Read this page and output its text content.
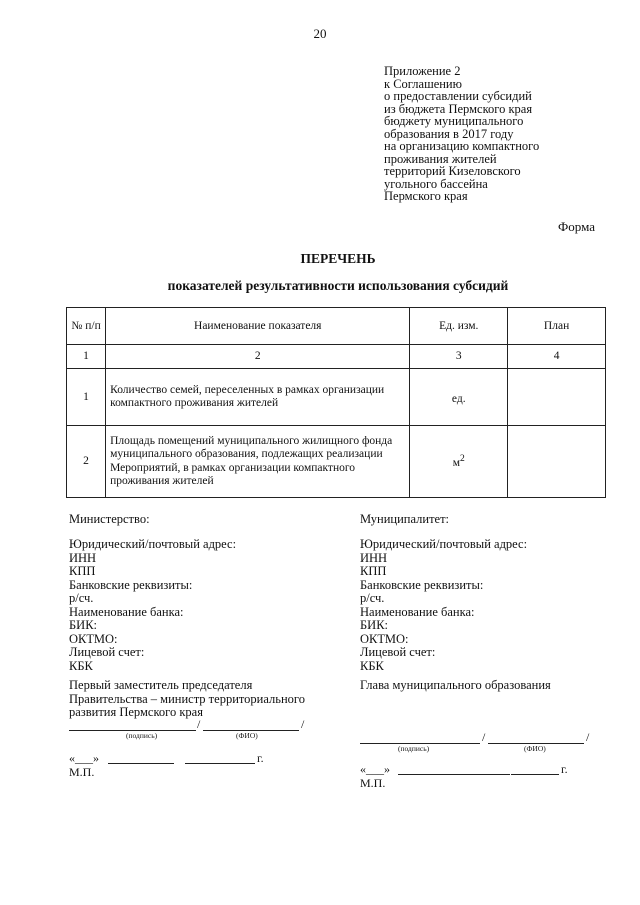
20
Приложение 2
к Соглашению
о предоставлении субсидий
из бюджета Пермского края
бюджету муниципального
образования в 2017 году
на организацию компактного
проживания жителей
территорий Кизеловского
угольного бассейна
Пермского края
Форма
ПЕРЕЧЕНЬ
показателей результативности использования субсидий
№ п/п	Наименование показателя	Ед. изм.	План
1	2	3	4
1	Количество семей, переселенных в рамках организации компактного проживания жителей	ед.	
2	Площадь помещений муниципального жилищного фонда муниципального образования, подлежащих реализации Мероприятий, в рамках организации компактного проживания жителей	$м^2$	
Министерство:
Юридический/почтовый адрес:
ИНН
КПП
Банковские реквизиты:
р/сч.
Наименование банка:
БИК:
ОКТМО:
Лицевой счет:
КБК
Первый заместитель председателя
Правительства – министр территориального
развития Пермского края
/	/
(подпись)	(ФИО)
«___»	г.
М.П.
Муниципалитет:
Юридический/почтовый адрес:
ИНН
КПП
Банковские реквизиты:
р/сч.
Наименование банка:
БИК:
ОКТМО:
Лицевой счет:
КБК
Глава муниципального образования
/	/
(подпись)	(ФИО)
«___»	г.
М.П.
